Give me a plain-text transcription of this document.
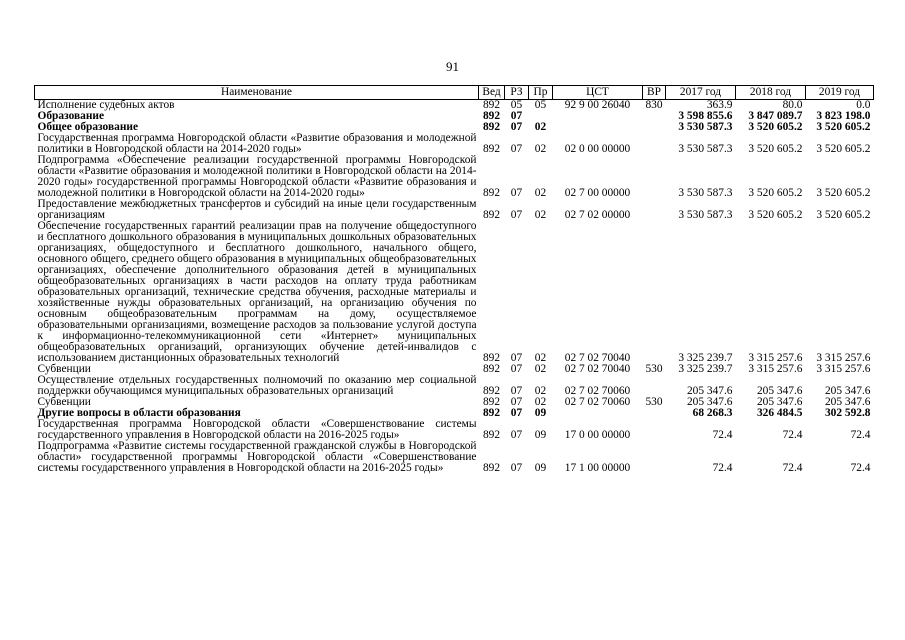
91
Наименование	Вед	РЗ	Пр	ЦСТ	ВР	2017 год	2018 год	2019 год
Исполнение судебных актов	892	05	05	92 9 00 26040	830	363.9	80.0	0.0
Образование	892	07				3 598 855.6	3 847 089.7	3 823 198.0
Общее образование	892	07	02			3 530 587.3	3 520 605.2	3 520 605.2
Государственная программа Новгородской области «Развитие образования и молодежной политики в Новгородской области на 2014-2020 годы»	892	07	02	02 0 00 00000		3 530 587.3	3 520 605.2	3 520 605.2
Подпрограмма «Обеспечение реализации государственной программы Новгородской области «Развитие образования и молодежной политики в Новгородской области на 2014-2020 годы» государственной программы Новгородской области «Развитие образования и молодежной политики в Новгородской области на 2014-2020 годы»	892	07	02	02 7 00 00000		3 530 587.3	3 520 605.2	3 520 605.2
Предоставление межбюджетных трансфертов и субсидий на иные цели государственным организациям	892	07	02	02 7 02 00000		3 530 587.3	3 520 605.2	3 520 605.2
Обеспечение государственных гарантий реализации прав на получение общедоступного и бесплатного дошкольного образования в муниципальных дошкольных образовательных организациях, общедоступного и бесплатного дошкольного, начального общего, основного общего, среднего общего образования в муниципальных общеобразовательных организациях, обеспечение дополнительного образования детей в муниципальных общеобразовательных организациях в части расходов на оплату труда работникам образовательных организаций, технические средства обучения, расходные материалы и хозяйственные нужды образовательных организаций, на организацию обучения по основным общеобразовательным программам на дому, осуществляемое образовательными организациями, возмещение расходов за пользование услугой доступа к информационно-телекоммуникационной сети «Интернет» муниципальных общеобразовательных организаций, организующих обучение детей-инвалидов с использованием дистанционных образовательных технологий	892	07	02	02 7 02 70040		3 325 239.7	3 315 257.6	3 315 257.6
Субвенции	892	07	02	02 7 02 70040	530	3 325 239.7	3 315 257.6	3 315 257.6
Осуществление отдельных государственных полномочий по оказанию мер социальной поддержки обучающимся муниципальных образовательных организаций	892	07	02	02 7 02 70060		205 347.6	205 347.6	205 347.6
Субвенции	892	07	02	02 7 02 70060	530	205 347.6	205 347.6	205 347.6
Другие вопросы в области образования	892	07	09			68 268.3	326 484.5	302 592.8
Государственная программа Новгородской области «Совершенствование системы государственного управления в Новгородской области на 2016-2025 годы»	892	07	09	17 0 00 00000		72.4	72.4	72.4
Подпрограмма «Развитие системы государственной гражданской службы в Новгородской области» государственной программы Новгородской области «Совершенствование системы государственного управления в Новгородской области на 2016-2025 годы»	892	07	09	17 1 00 00000		72.4	72.4	72.4
